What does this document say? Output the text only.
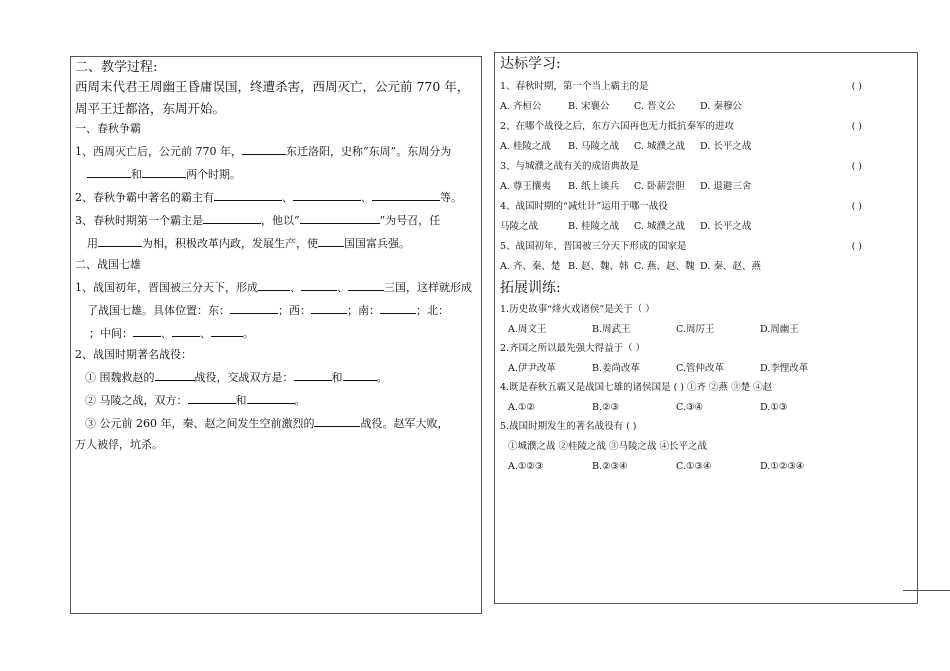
二、教学过程:
西周末代君王周幽王昏庸误国，终遭杀害，西周灭亡，公元前 770 年，
周平王迁都洛，东周开始。
一、春秋争霸
1、西周灭亡后，公元前 770 年，	东迁洛阳，史称“东周”。东周分为
和	两个时期。
2、春秋争霸中著名的霸主有	、	、	等。
3、春秋时期第一个霸主是	，他以“	”为号召，任
用	为相，积极改革内政，发展生产，使 国国富兵强。
二、战国七雄
1、战国初年，晋国被三分天下，形成	、	、	三国，这样就形成
了战国七雄。具体位置：东：	；西：	；南：	；北：
；中间：	、	、	。
2、战国时期著名战役：
① 围魏救赵的	战役，交战双方是：	和	。
② 马陵之战，双方：	和	。
③ 公元前 260 年，秦、赵之间发生空前激烈的	战役。赵军大败，
万人被俘，坑杀。
达标学习:
1、春秋时期，第一个当上霸主的是	( )
A. 齐桓公	B. 宋襄公	C. 晋文公	D. 秦穆公
2、在哪个战役之后，东方六国再也无力抵抗秦军的进攻	( )
A. 桂陵之战	B. 马陵之战	C. 城濮之战	D. 长平之战
3、与城濮之战有关的成语典故是	( )
A. 尊王攘夷	B. 纸上谈兵	C. 卧薪尝胆	D. 退避三舍
4、战国时期的“减灶计”运用于哪一战役	( )
马陵之战	B. 桂陵之战	C. 城濮之战	D. 长平之战
5、战国初年，晋国被三分天下形成的国家是	( )
A. 齐、秦、楚 B. 赵、魏、韩 C. 燕、赵、魏 D. 秦、赵、燕
拓展训练:
1.历史故事“烽火戏诸侯”是关于（ ）
A.周文王	B.周武王	C.周厉王	D.周幽王
2.齐国之所以最先强大得益于（ ）
A.伊尹改革	B.姜尚改革	C.管仲改革	D.李悝改革
4.既是春秋五霸又是战国七雄的诸侯国是 ( ) ①齐 ②燕 ③楚 ④赵
A.①②	B.②③	C.③④	D.①③
5.战国时期发生的著名战役有 ( )
①城濮之战 ②桂陵之战 ③马陵之战 ④长平之战
A.①②③	B.②③④	C.①③④	D.①②③④
